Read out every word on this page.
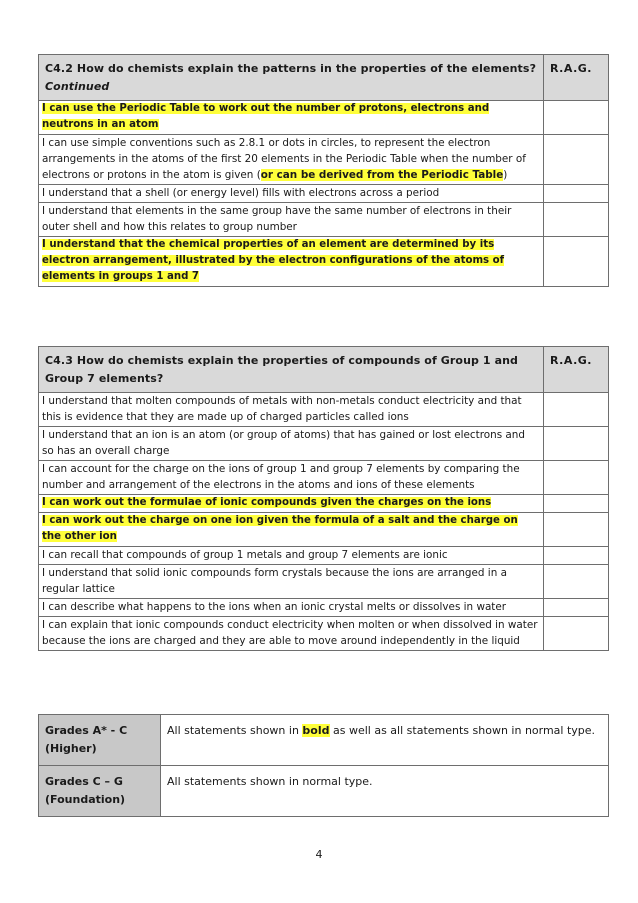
C4.2 How do chemists explain the patterns in the properties of the elements? Continued	R.A.G.
I can use the Periodic Table to work out the number of protons, electrons and neutrons in an atom	
I can use simple conventions such as 2.8.1 or dots in circles, to represent the electron arrangements in the atoms of the first 20 elements in the Periodic Table when the number of electrons or protons in the atom is given (or can be derived from the Periodic Table)	
I understand that a shell (or energy level) fills with electrons across a period	
I understand that elements in the same group have the same number of electrons in their outer shell and how this relates to group number	
I understand that the chemical properties of an element are determined by its electron arrangement, illustrated by the electron configurations of the atoms of elements in groups 1 and 7	
C4.3 How do chemists explain the properties of compounds of Group 1 and Group 7 elements?	R.A.G.
I understand that molten compounds of metals with non-metals conduct electricity and that this is evidence that they are made up of charged particles called ions	
I understand that an ion is an atom (or group of atoms) that has gained or lost electrons and so has an overall charge	
I can account for the charge on the ions of group 1 and group 7 elements by comparing the number and arrangement of the electrons in the atoms and ions of these elements	
I can work out the formulae of ionic compounds given the charges on the ions	
I can work out the charge on one ion given the formula of a salt and the charge on the other ion	
I can recall that compounds of group 1 metals and group 7 elements are ionic	
I understand that solid ionic compounds form crystals because the ions are arranged in a regular lattice	
I can describe what happens to the ions when an ionic crystal melts or dissolves in water	
I can explain that ionic compounds conduct electricity when molten or when dissolved in water because the ions are charged and they are able to move around independently in the liquid	
Grades A* - C (Higher)	All statements shown in bold as well as all statements shown in normal type.
Grades C – G (Foundation)	All statements shown in normal type.
4
